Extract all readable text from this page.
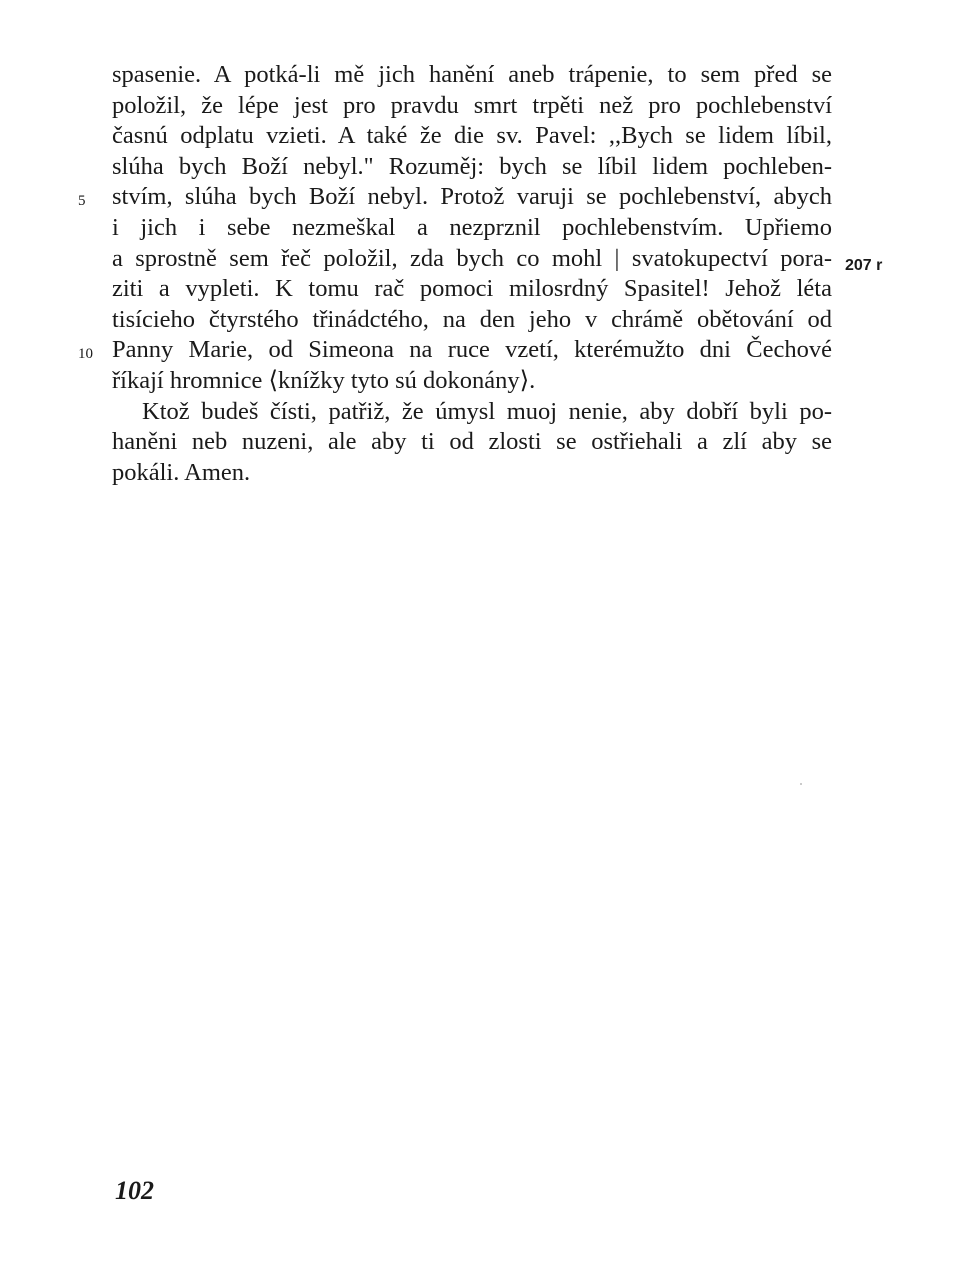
spasenie. A potká-li mě jich hanění aneb trápenie, to sem před se
položil, že lépe jest pro pravdu smrt trpěti než pro pochlebenství
časnú odplatu vzieti. A také že die sv. Pavel: ,,Bych se lidem líbil,
slúha bych Boží nebyl." Rozuměj: bych se líbil lidem pochleben-
stvím, slúha bych Boží nebyl. Protož varuji se pochlebenství, abych
i jich i sebe nezmeškal a nezprznil pochlebenstvím. Upřiemo
a sprostně sem řeč položil, zda bych co mohl | svatokupectví pora-
ziti a vypleti. K tomu rač pomoci milosrdný Spasitel! Jehož léta
tisícieho čtyrstého třinádctého, na den jeho v chrámě obětování od
Panny Marie, od Simeona na ruce vzetí, kterémužto dni Čechové
říkají hromnice ⟨knížky tyto sú dokonány⟩.
Ktož budeš čísti, patřiž, že úmysl muoj nenie, aby dobří byli po-
haněni neb nuzeni, ale aby ti od zlosti se ostřiehali a zlí aby se
pokáli. Amen.
5
10
207 r
102
